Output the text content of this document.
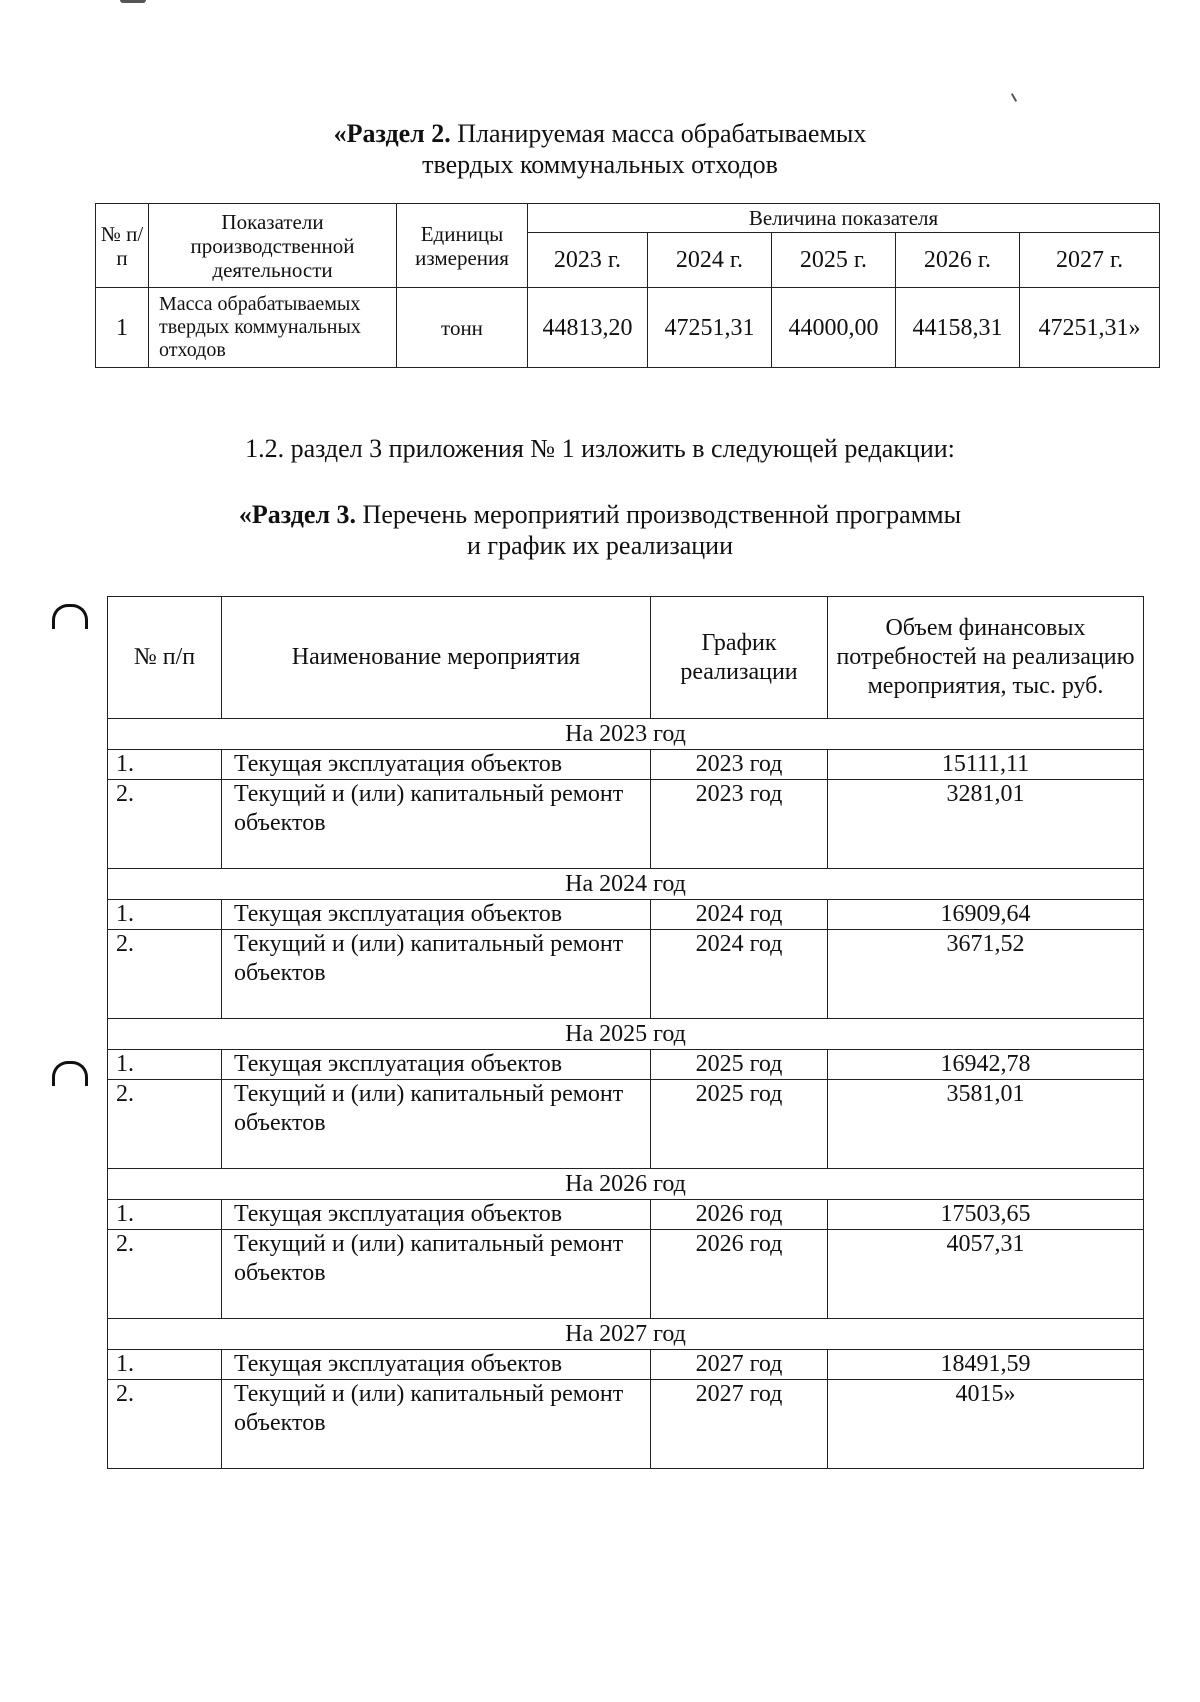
«Раздел 2. Планируемая масса обрабатываемых
твердых коммунальных отходов
№ п/п	Показатели производственной деятельности	Единицы измерения	Величина показателя				
			2023 г.	2024 г.	2025 г.	2026 г.	2027 г.
1	Масса обрабатываемых твердых коммунальных отходов	тонн	44813,20	47251,31	44000,00	44158,31	47251,31»
1.2. раздел 3 приложения № 1 изложить в следующей редакции:
«Раздел 3. Перечень мероприятий производственной программы
и график их реализации
№ п/п	Наименование мероприятия	График реализации	Объем финансовых потребностей на реализацию мероприятия, тыс. руб.
На 2023 год			
1.	Текущая эксплуатация объектов	2023 год	15111,11
2.	Текущий и (или) капитальный ремонт объектов	2023 год	3281,01
На 2024 год			
1.	Текущая эксплуатация объектов	2024 год	16909,64
2.	Текущий и (или) капитальный ремонт объектов	2024 год	3671,52
На 2025 год			
1.	Текущая эксплуатация объектов	2025 год	16942,78
2.	Текущий и (или) капитальный ремонт объектов	2025 год	3581,01
На 2026 год			
1.	Текущая эксплуатация объектов	2026 год	17503,65
2.	Текущий и (или) капитальный ремонт объектов	2026 год	4057,31
На 2027 год			
1.	Текущая эксплуатация объектов	2027 год	18491,59
2.	Текущий и (или) капитальный ремонт объектов	2027 год	4015»
